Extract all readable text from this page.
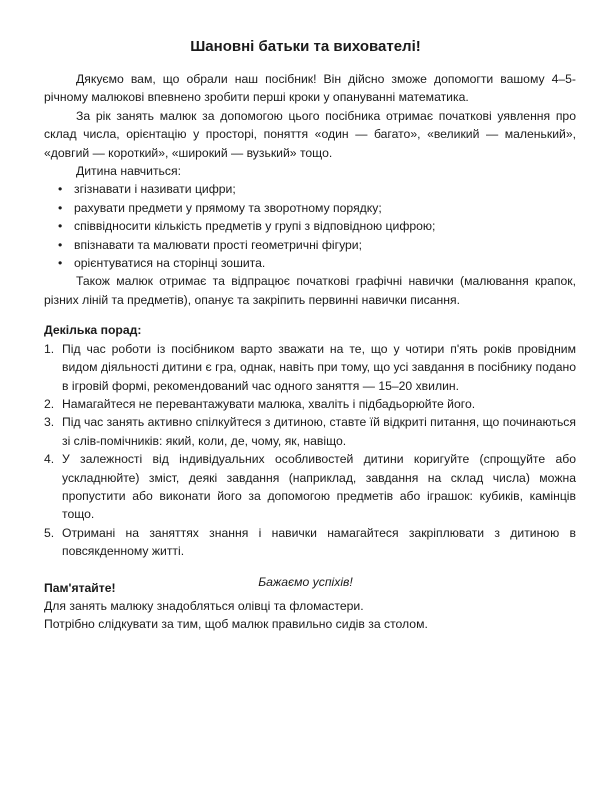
Шановні батьки та вихователі!

Дякуємо вам, що обрали наш посібник! Він дійсно зможе допомогти вашому 4–5-річному малюкові впевнено зробити перші кроки у опануванні математика.

За рік занять малюк за допомогою цього посібника отримає початкові уявлення про склад числа, орієнтацію у просторі, поняття «один — багато», «великий — маленький», «довгий — короткий», «широкий — вузький» тощо.

Дитина навчиться:

• згізнавати і називати цифри;
• рахувати предмети у прямому та зворотному порядку;
• співвідносити кількість предметів у групі з відповідною цифрою;
• впізнавати та малювати прості геометричні фігури;
• орієнтуватися на сторінці зошита.

Також малюк отримає та відпрацює початкові графічні навички (малювання крапок, різних ліній та предметів), опанує та закріпить первинні навички писання.

Декілька порад:

1. Під час роботи із посібником варто зважати на те, що у чотири п'ять років провідним видом діяльності дитини є гра, однак, навіть при тому, що усі завдання в посібнику подано в ігровій формі, рекомендований час одного заняття — 15–20 хвилин.
2. Намагайтеся не перевантажувати малюка, хваліть і підбадьорюйте його.
3. Під час занять активно спілкуйтеся з дитиною, ставте їй відкриті питання, що починаються зі слів-помічників: який, коли, де, чому, як, навіщо.
4. У залежності від індивідуальних особливостей дитини коригуйте (спрощуйте або ускладнюйте) зміст, деякі завдання (наприклад, завдання на склад числа) можна пропустити або виконати його за допомогою предметів або іграшок: кубиків, камінців тощо.
5. Отримані на заняттях знання і навички намагайтеся закріплювати з дитиною в повсякденному житті.

Пам'ятайте!

Для занять малюку знадобляться олівці та фломастери.

Потрібно слідкувати за тим, щоб малюк правильно сидів за столом.

Бажаємо успіхів!
